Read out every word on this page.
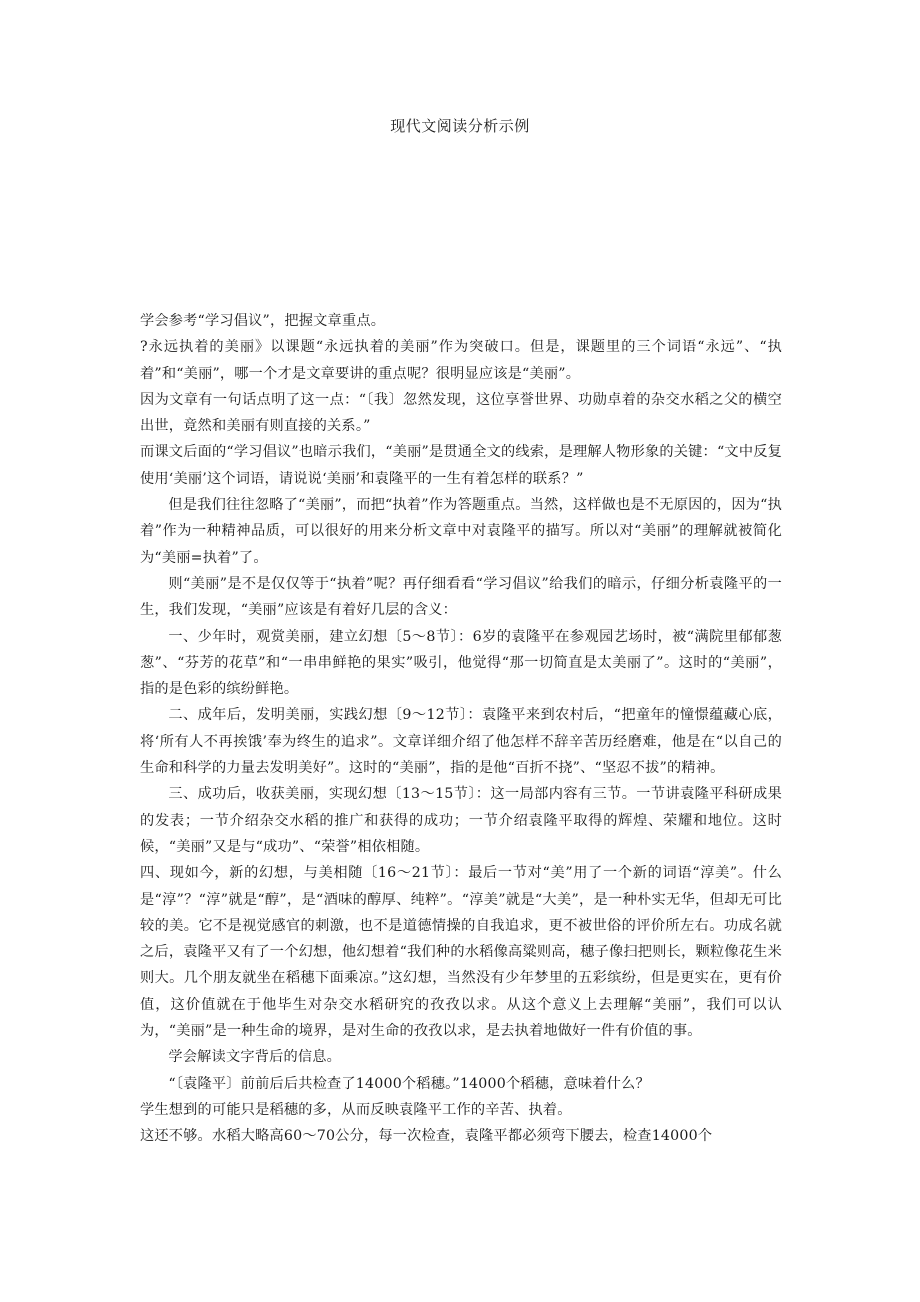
现代文阅读分析示例

学会参考“学习倡议”，把握文章重点。

?永远执着的美丽》以课题“永远执着的美丽”作为突破口。但是，课题里的三个词语“永远”、“执着”和“美丽”，哪一个才是文章要讲的重点呢？很明显应该是“美丽”。

因为文章有一句话点明了这一点：“〔我〕忽然发现，这位享誉世界、功勋卓着的杂交水稻之父的横空出世，竟然和美丽有则直接的关系。”

而课文后面的“学习倡议”也暗示我们，“美丽”是贯通全文的线索，是理解人物形象的关键：“文中反复使用‘美丽’这个词语，请说说‘美丽’和袁隆平的一生有着怎样的联系？”

但是我们往往忽略了“美丽”，而把“执着”作为答题重点。当然，这样做也是不无原因的，因为“执着”作为一种精神品质，可以很好的用来分析文章中对袁隆平的描写。所以对“美丽”的理解就被简化为“美丽=执着”了。

则“美丽”是不是仅仅等于“执着”呢？再仔细看看“学习倡议”给我们的暗示，仔细分析袁隆平的一生，我们发现，“美丽”应该是有着好几层的含义：

一、少年时，观赏美丽，建立幻想〔5～8节〕：6岁的袁隆平在参观园艺场时，被“满院里郁郁葱葱”、“芬芳的花草”和“一串串鲜艳的果实”吸引，他觉得“那一切简直是太美丽了”。这时的“美丽”，指的是色彩的缤纷鲜艳。

二、成年后，发明美丽，实践幻想〔9～12节〕：袁隆平来到农村后，“把童年的憧憬蕴藏心底，将‘所有人不再挨饿’奉为终生的追求”。文章详细介绍了他怎样不辞辛苦历经磨难，他是在“以自己的生命和科学的力量去发明美好”。这时的“美丽”，指的是他“百折不挠”、“坚忍不拔”的精神。

三、成功后，收获美丽，实现幻想〔13～15节〕：这一局部内容有三节。一节讲袁隆平科研成果的发表；一节介绍杂交水稻的推广和获得的成功；一节介绍袁隆平取得的辉煌、荣耀和地位。这时候，“美丽”又是与“成功”、“荣誉”相依相随。

四、现如今，新的幻想，与美相随〔16～21节〕：最后一节对“美”用了一个新的词语“淳美”。什么是“淳”？“淳”就是“醇”，是“酒味的醇厚、纯粹”。“淳美”就是“大美”，是一种朴实无华，但却无可比较的美。它不是视觉感官的刺激，也不是道德情操的自我追求，更不被世俗的评价所左右。功成名就之后，袁隆平又有了一个幻想，他幻想着“我们种的水稻像高粱则高，穗子像扫把则长，颗粒像花生米则大。几个朋友就坐在稻穗下面乘凉。”这幻想，当然没有少年梦里的五彩缤纷，但是更实在，更有价值，这价值就在于他毕生对杂交水稻研究的孜孜以求。从这个意义上去理解“美丽”，我们可以认为，“美丽”是一种生命的境界，是对生命的孜孜以求，是去执着地做好一件有价值的事。

学会解读文字背后的信息。

“〔袁隆平〕前前后后共检查了14000个稻穗。”14000个稻穗，意味着什么？

学生想到的可能只是稻穗的多，从而反映袁隆平工作的辛苦、执着。

这还不够。水稻大略高60～70公分，每一次检查，袁隆平都必须弯下腰去，检查14000个
